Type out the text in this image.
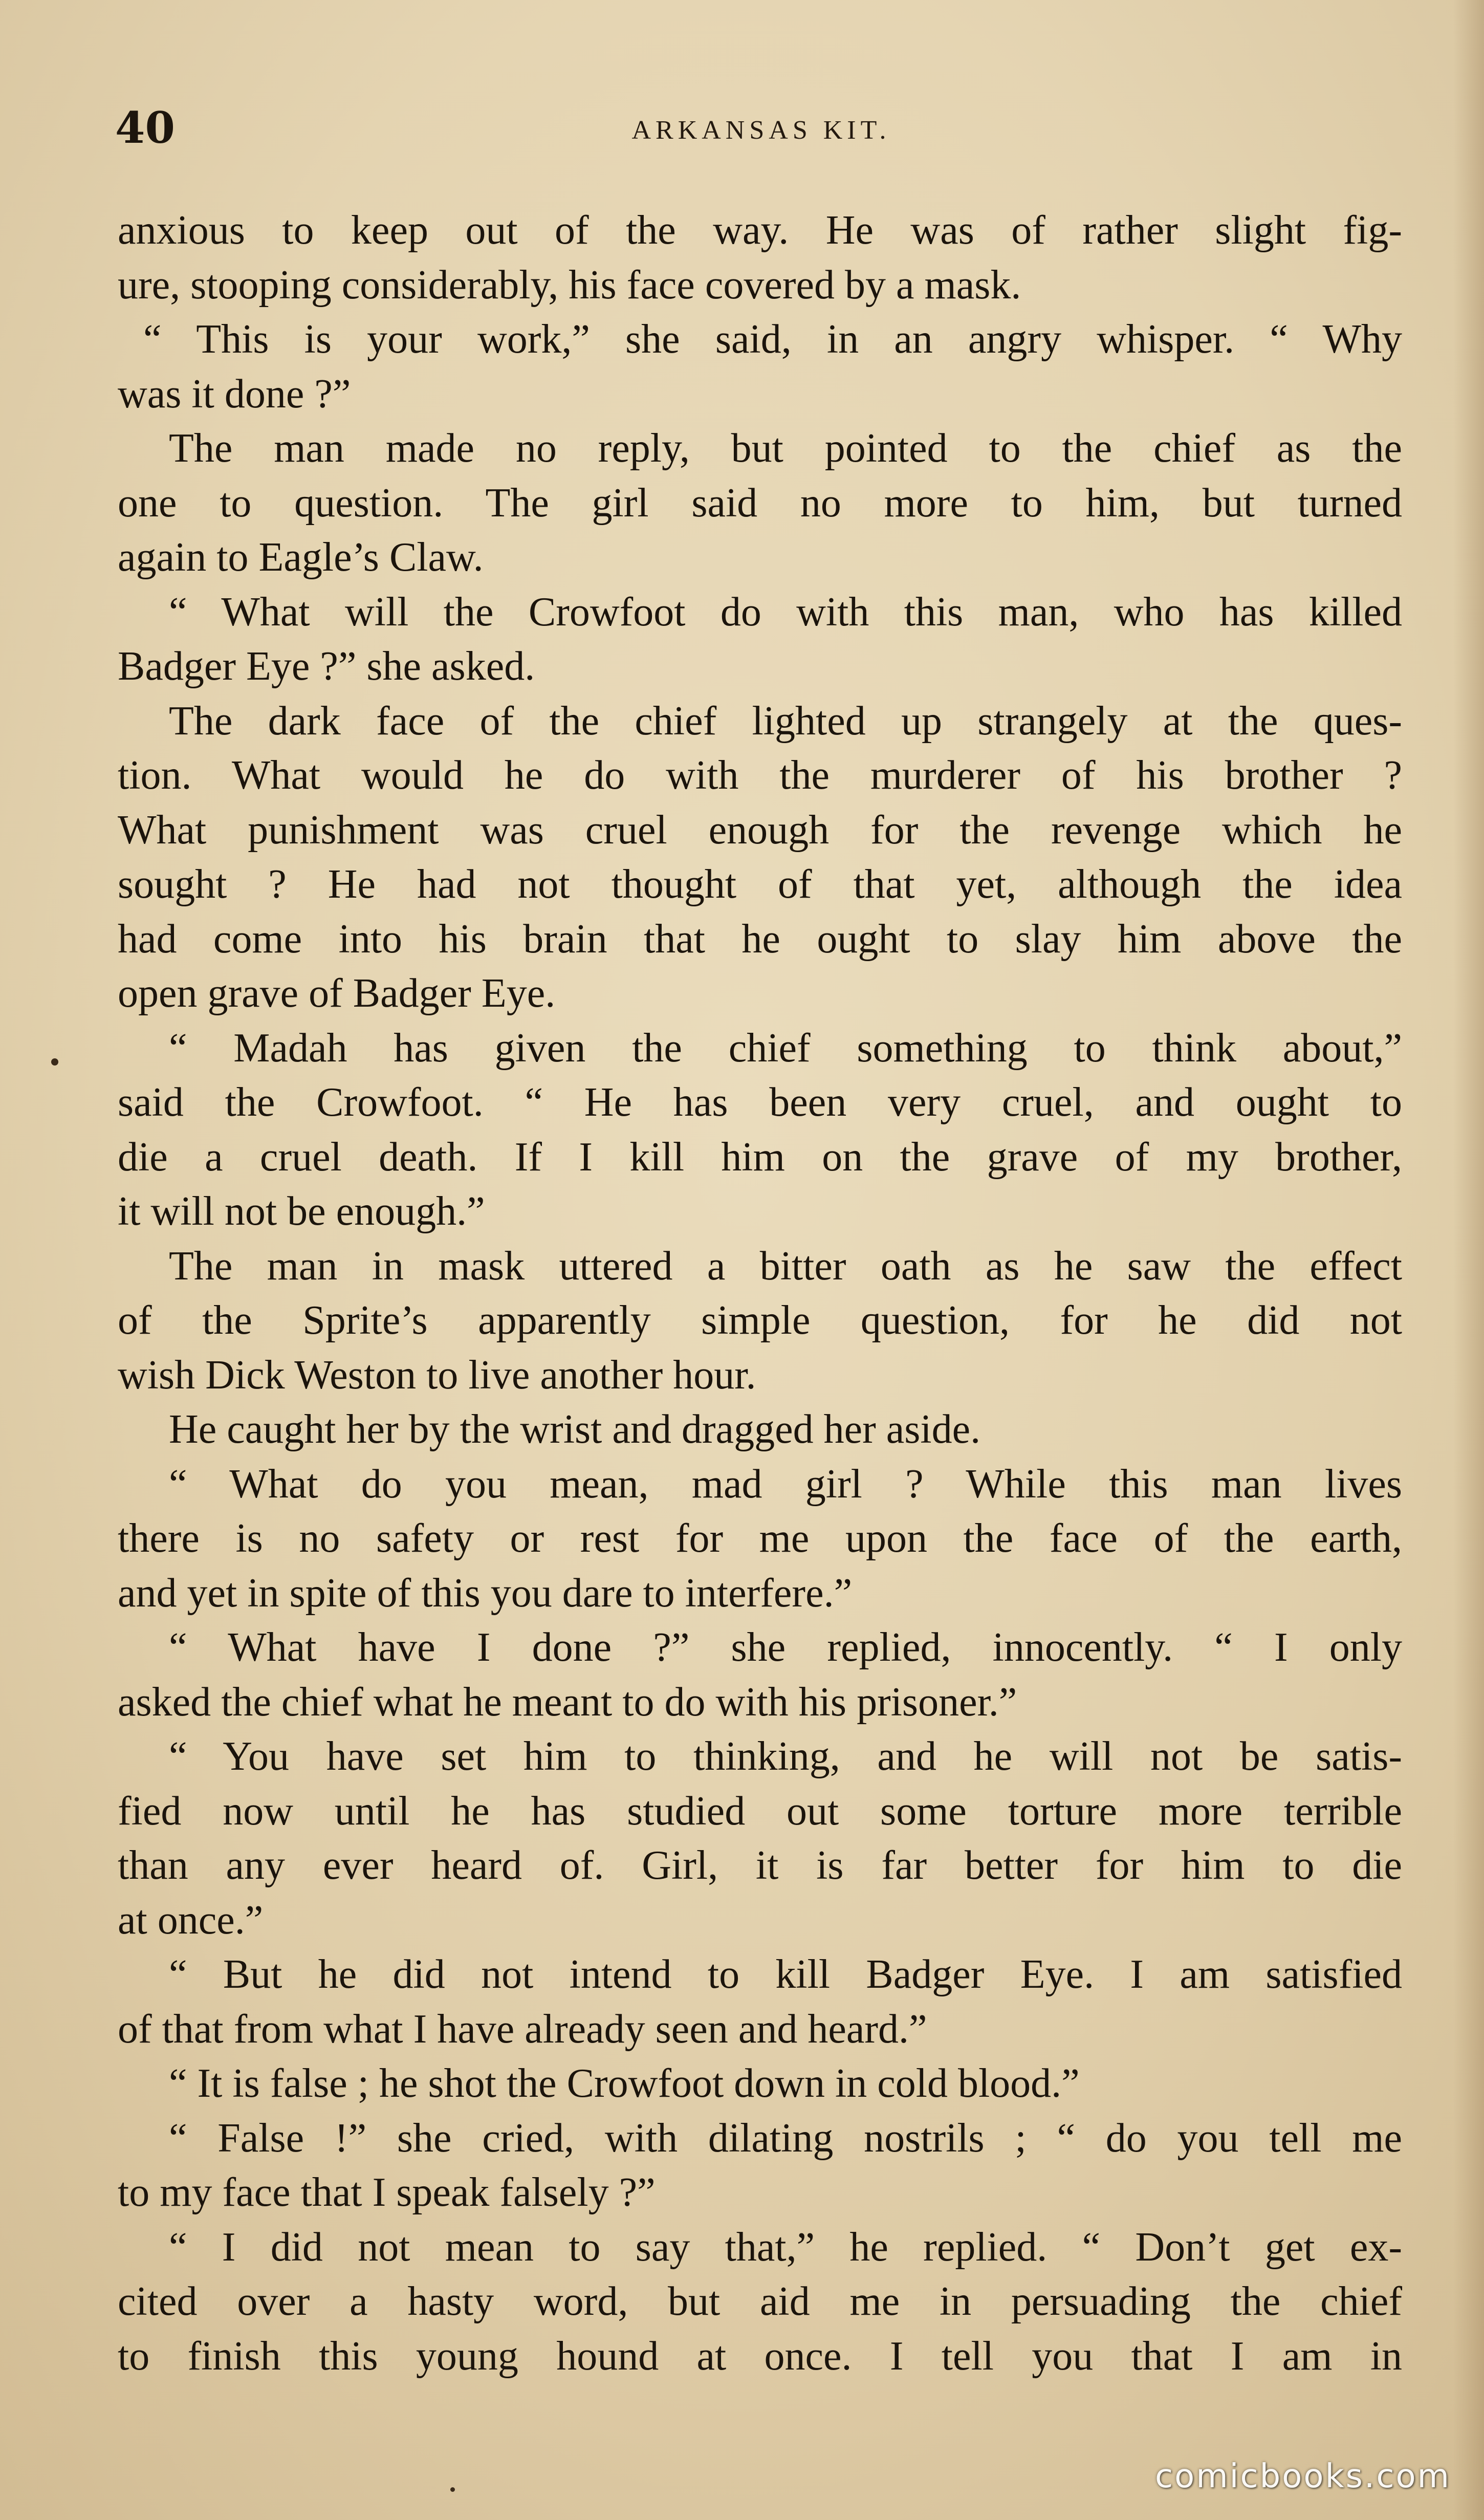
40	ARKANSAS KIT.
anxious to keep out of the way. He was of rather slight fig-
ure, stooping considerably, his face covered by a mask.
“ This is your work,” she said, in an angry whisper. “ Why
was it done ?”
The man made no reply, but pointed to the chief as the
one to question. The girl said no more to him, but turned
again to Eagle’s Claw.
“ What will the Crowfoot do with this man, who has killed
Badger Eye ?” she asked.
The dark face of the chief lighted up strangely at the ques-
tion. What would he do with the murderer of his brother ?
What punishment was cruel enough for the revenge which he
sought ? He had not thought of that yet, although the idea
had come into his brain that he ought to slay him above the
open grave of Badger Eye.
“ Madah has given the chief something to think about,”
said the Crowfoot. “ He has been very cruel, and ought to
die a cruel death. If I kill him on the grave of my brother,
it will not be enough.”
The man in mask uttered a bitter oath as he saw the effect
of the Sprite’s apparently simple question, for he did not
wish Dick Weston to live another hour.
He caught her by the wrist and dragged her aside.
“ What do you mean, mad girl ? While this man lives
there is no safety or rest for me upon the face of the earth,
and yet in spite of this you dare to interfere.”
“ What have I done ?” she replied, innocently. “ I only
asked the chief what he meant to do with his prisoner.”
“ You have set him to thinking, and he will not be satis-
fied now until he has studied out some torture more terrible
than any ever heard of. Girl, it is far better for him to die
at once.”
“ But he did not intend to kill Badger Eye. I am satisfied
of that from what I have already seen and heard.”
“ It is false ; he shot the Crowfoot down in cold blood.”
“ False !” she cried, with dilating nostrils ; “ do you tell me
to my face that I speak falsely ?”
“ I did not mean to say that,” he replied. “ Don’t get ex-
cited over a hasty word, but aid me in persuading the chief
to finish this young hound at once. I tell you that I am in
comicbooks.com
